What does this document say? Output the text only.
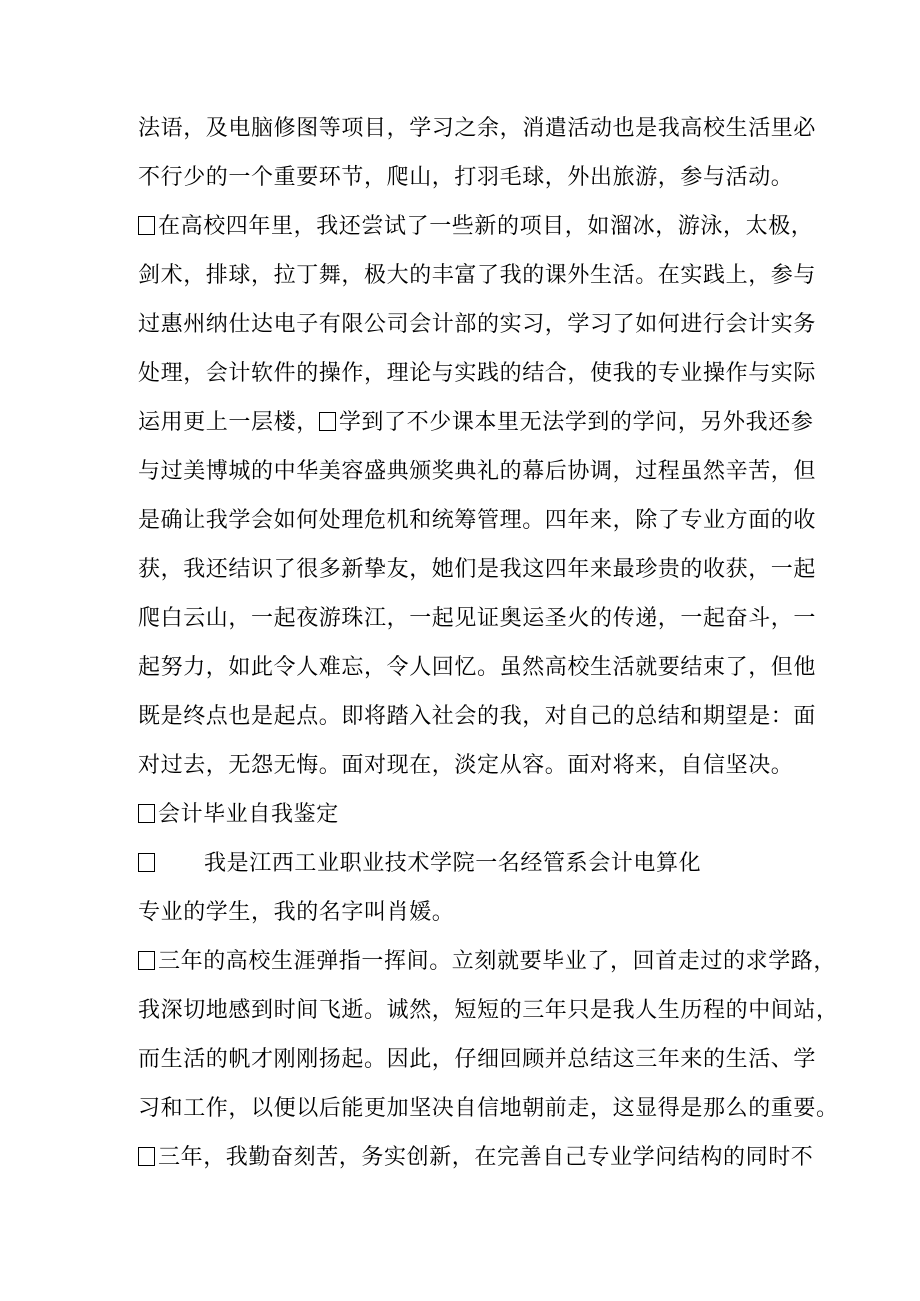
法语，及电脑修图等项目，学习之余，消遣活动也是我高校生活里必
不行少的一个重要环节，爬山，打羽毛球，外出旅游，参与活动。
在高校四年里，我还尝试了一些新的项目，如溜冰，游泳，太极，
剑术，排球，拉丁舞，极大的丰富了我的课外生活。在实践上，参与
过惠州纳仕达电子有限公司会计部的实习，学习了如何进行会计实务
处理，会计软件的操作，理论与实践的结合，使我的专业操作与实际
运用更上一层楼， 学到了不少课本里无法学到的学问，另外我还参
与过美博城的中华美容盛典颁奖典礼的幕后协调，过程虽然辛苦，但
是确让我学会如何处理危机和统筹管理。四年来，除了专业方面的收
获，我还结识了很多新挚友，她们是我这四年来最珍贵的收获，一起
爬白云山，一起夜游珠江，一起见证奥运圣火的传递，一起奋斗，一
起努力，如此令人难忘，令人回忆。虽然高校生活就要结束了，但他
既是终点也是起点。即将踏入社会的我，对自己的总结和期望是：面
对过去，无怨无悔。面对现在，淡定从容。面对将来，自信坚决。
会计毕业自我鉴定
我是江西工业职业技术学院一名经管系会计电算化
专业的学生，我的名字叫肖媛。
三年的高校生涯弹指一挥间。立刻就要毕业了，回首走过的求学路，
我深切地感到时间飞逝。诚然，短短的三年只是我人生历程的中间站，
而生活的帆才刚刚扬起。因此，仔细回顾并总结这三年来的生活、学
习和工作，以便以后能更加坚决自信地朝前走，这显得是那么的重要。
三年，我勤奋刻苦，务实创新，在完善自己专业学问结构的同时不
